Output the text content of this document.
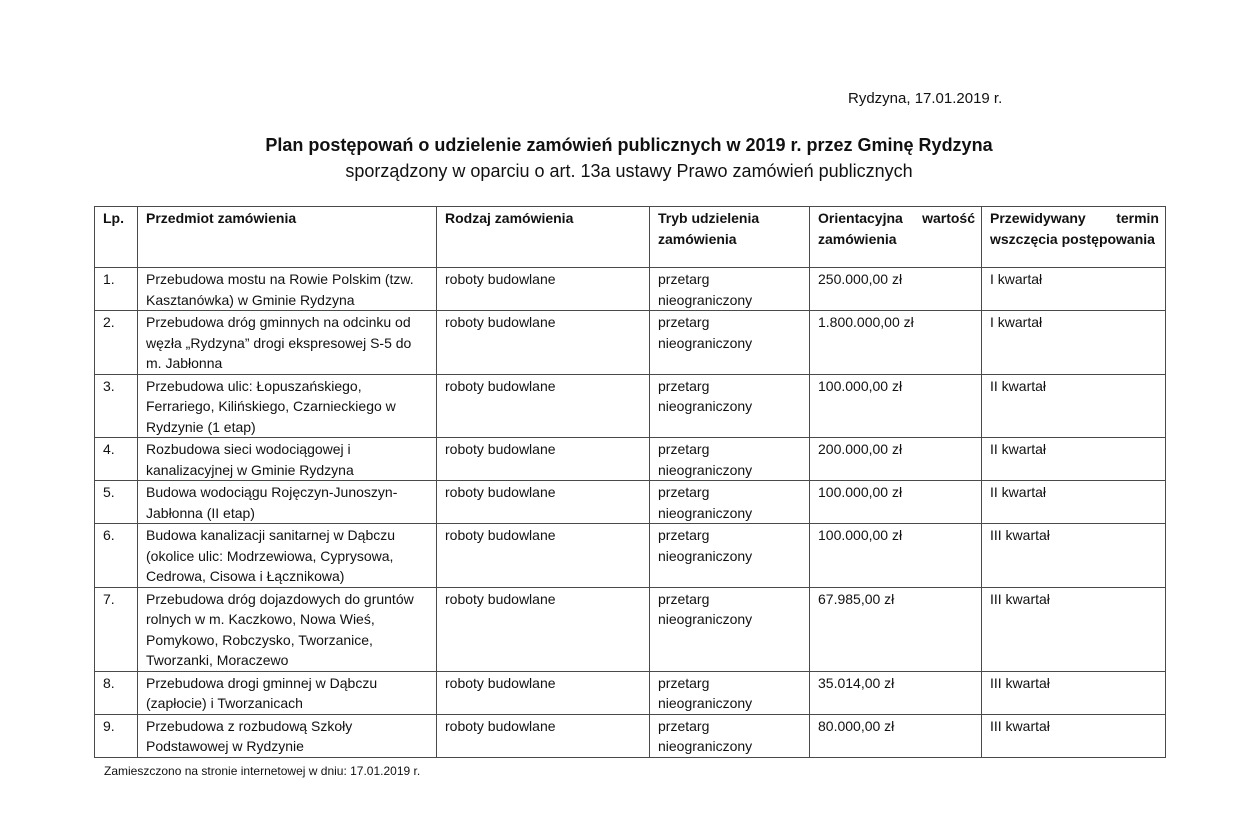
Rydzyna, 17.01.2019 r.
Plan postępowań o udzielenie zamówień publicznych w 2019 r. przez Gminę Rydzyna
sporządzony w oparciu o art. 13a ustawy Prawo zamówień publicznych
Lp.	Przedmiot zamówienia	Rodzaj zamówienia	Tryb udzielenia zamówienia	Orientacyjna wartość zamówienia	Przewidywany termin wszczęcia postępowania
1.	Przebudowa mostu na Rowie Polskim (tzw. Kasztanówka) w Gminie Rydzyna	roboty budowlane	przetarg nieograniczony	250.000,00 zł	I kwartał
2.	Przebudowa dróg gminnych na odcinku od węzła „Rydzyna” drogi ekspresowej S-5 do m. Jabłonna	roboty budowlane	przetarg nieograniczony	1.800.000,00 zł	I kwartał
3.	Przebudowa ulic: Łopuszańskiego, Ferrariego, Kilińskiego, Czarnieckiego w Rydzynie (1 etap)	roboty budowlane	przetarg nieograniczony	100.000,00 zł	II kwartał
4.	Rozbudowa sieci wodociągowej i kanalizacyjnej w Gminie Rydzyna	roboty budowlane	przetarg nieograniczony	200.000,00 zł	II kwartał
5.	Budowa wodociągu Rojęczyn-Junoszyn-Jabłonna (II etap)	roboty budowlane	przetarg nieograniczony	100.000,00 zł	II kwartał
6.	Budowa kanalizacji sanitarnej w Dąbczu (okolice ulic: Modrzewiowa, Cyprysowa, Cedrowa, Cisowa i Łącznikowa)	roboty budowlane	przetarg nieograniczony	100.000,00 zł	III kwartał
7.	Przebudowa dróg dojazdowych do gruntów rolnych w m. Kaczkowo, Nowa Wieś, Pomykowo, Robczysko, Tworzanice, Tworzanki, Moraczewo	roboty budowlane	przetarg nieograniczony	67.985,00 zł	III kwartał
8.	Przebudowa drogi gminnej w Dąbczu (zapłocie) i Tworzanicach	roboty budowlane	przetarg nieograniczony	35.014,00 zł	III kwartał
9.	Przebudowa z rozbudową Szkoły Podstawowej w Rydzynie	roboty budowlane	przetarg nieograniczony	80.000,00 zł	III kwartał
Zamieszczono na stronie internetowej w dniu: 17.01.2019 r.
